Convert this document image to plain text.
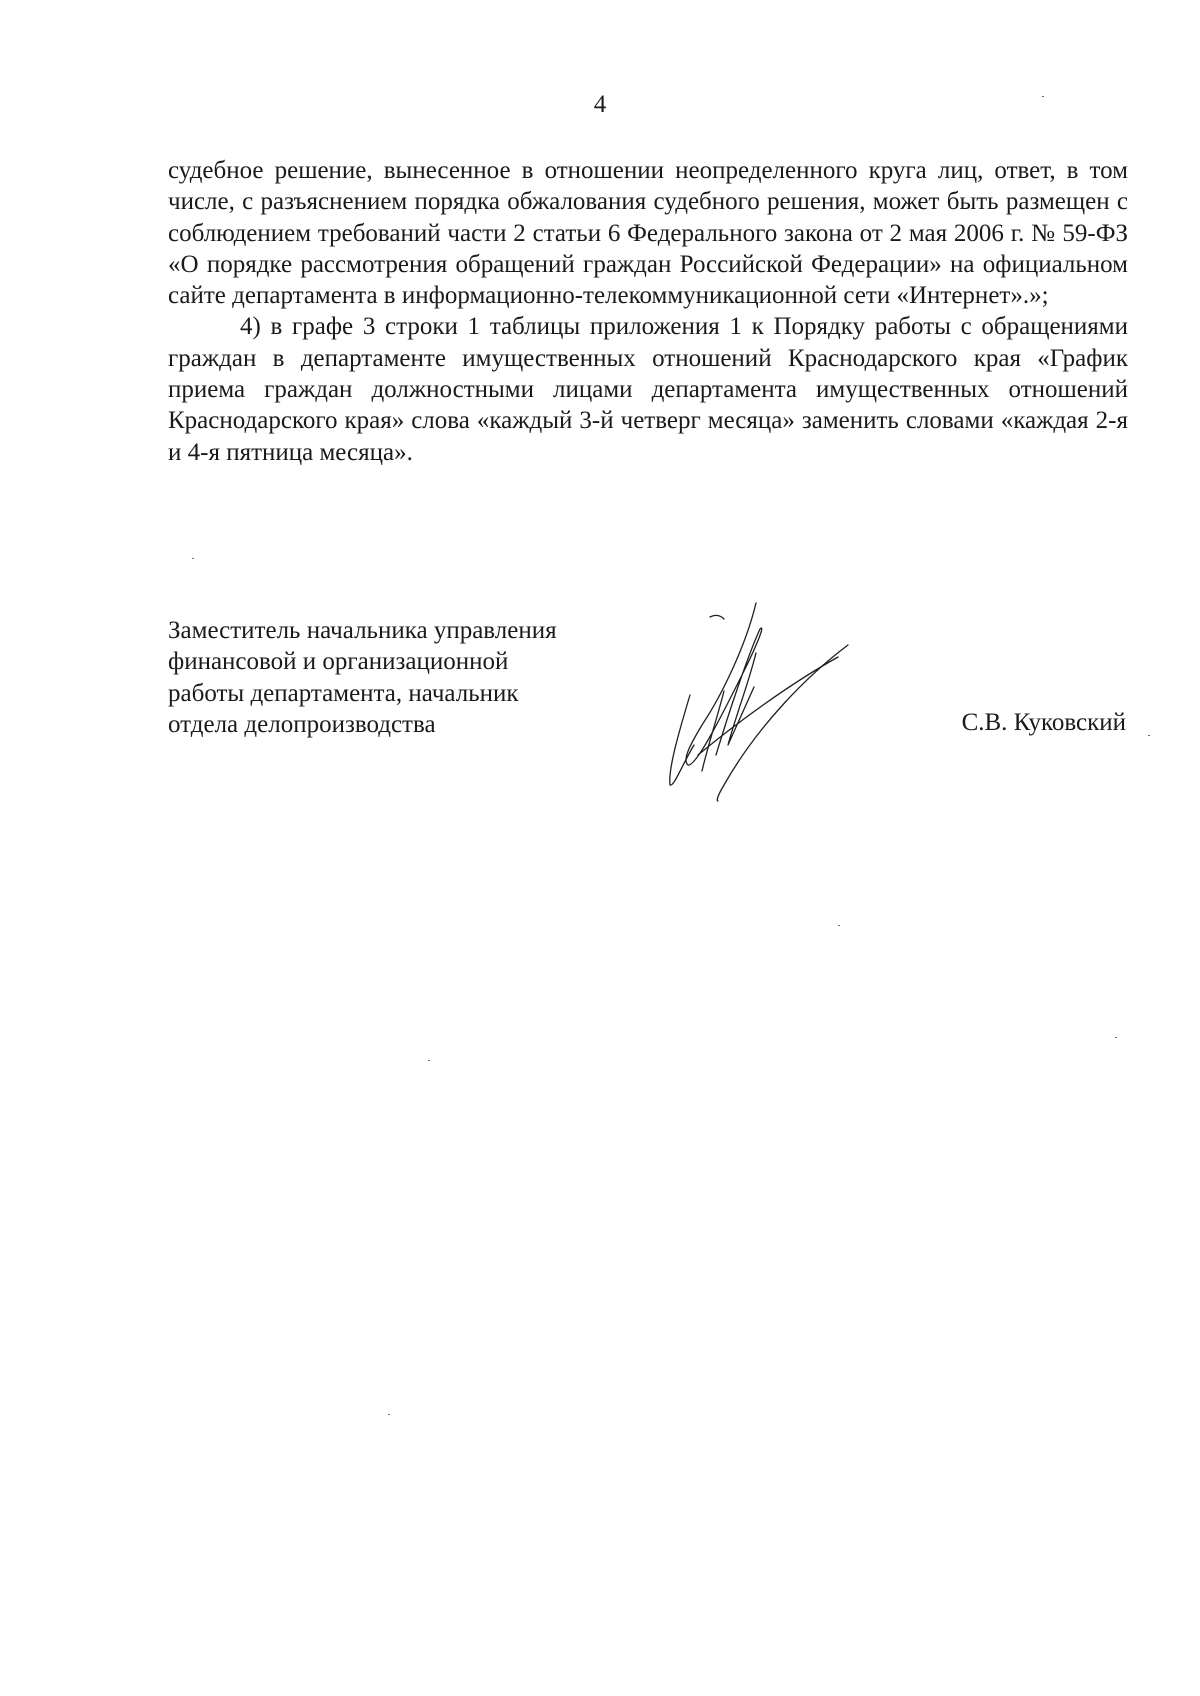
4

судебное решение, вынесенное в отношении неопределенного круга лиц, ответ, в том числе, с разъяснением порядка обжалования судебного решения, может быть размещен с соблюдением требований части 2 статьи 6 Федерального закона от 2 мая 2006 г. № 59-ФЗ «О порядке рассмотрения обращений граждан Российской Федерации» на официальном сайте департамента в информационно-телекоммуникационной сети «Интернет».»;

4) в графе 3 строки 1 таблицы приложения 1 к Порядку работы с обращениями граждан в департаменте имущественных отношений Краснодарского края «График приема граждан должностными лицами департамента имущественных отношений Краснодарского края» слова «каждый 3-й четверг месяца» заменить словами «каждая 2-я и 4-я пятница месяца».

Заместитель начальника управления
финансовой и организационной
работы департамента, начальник
отдела делопроизводства	С.В. Куковский
